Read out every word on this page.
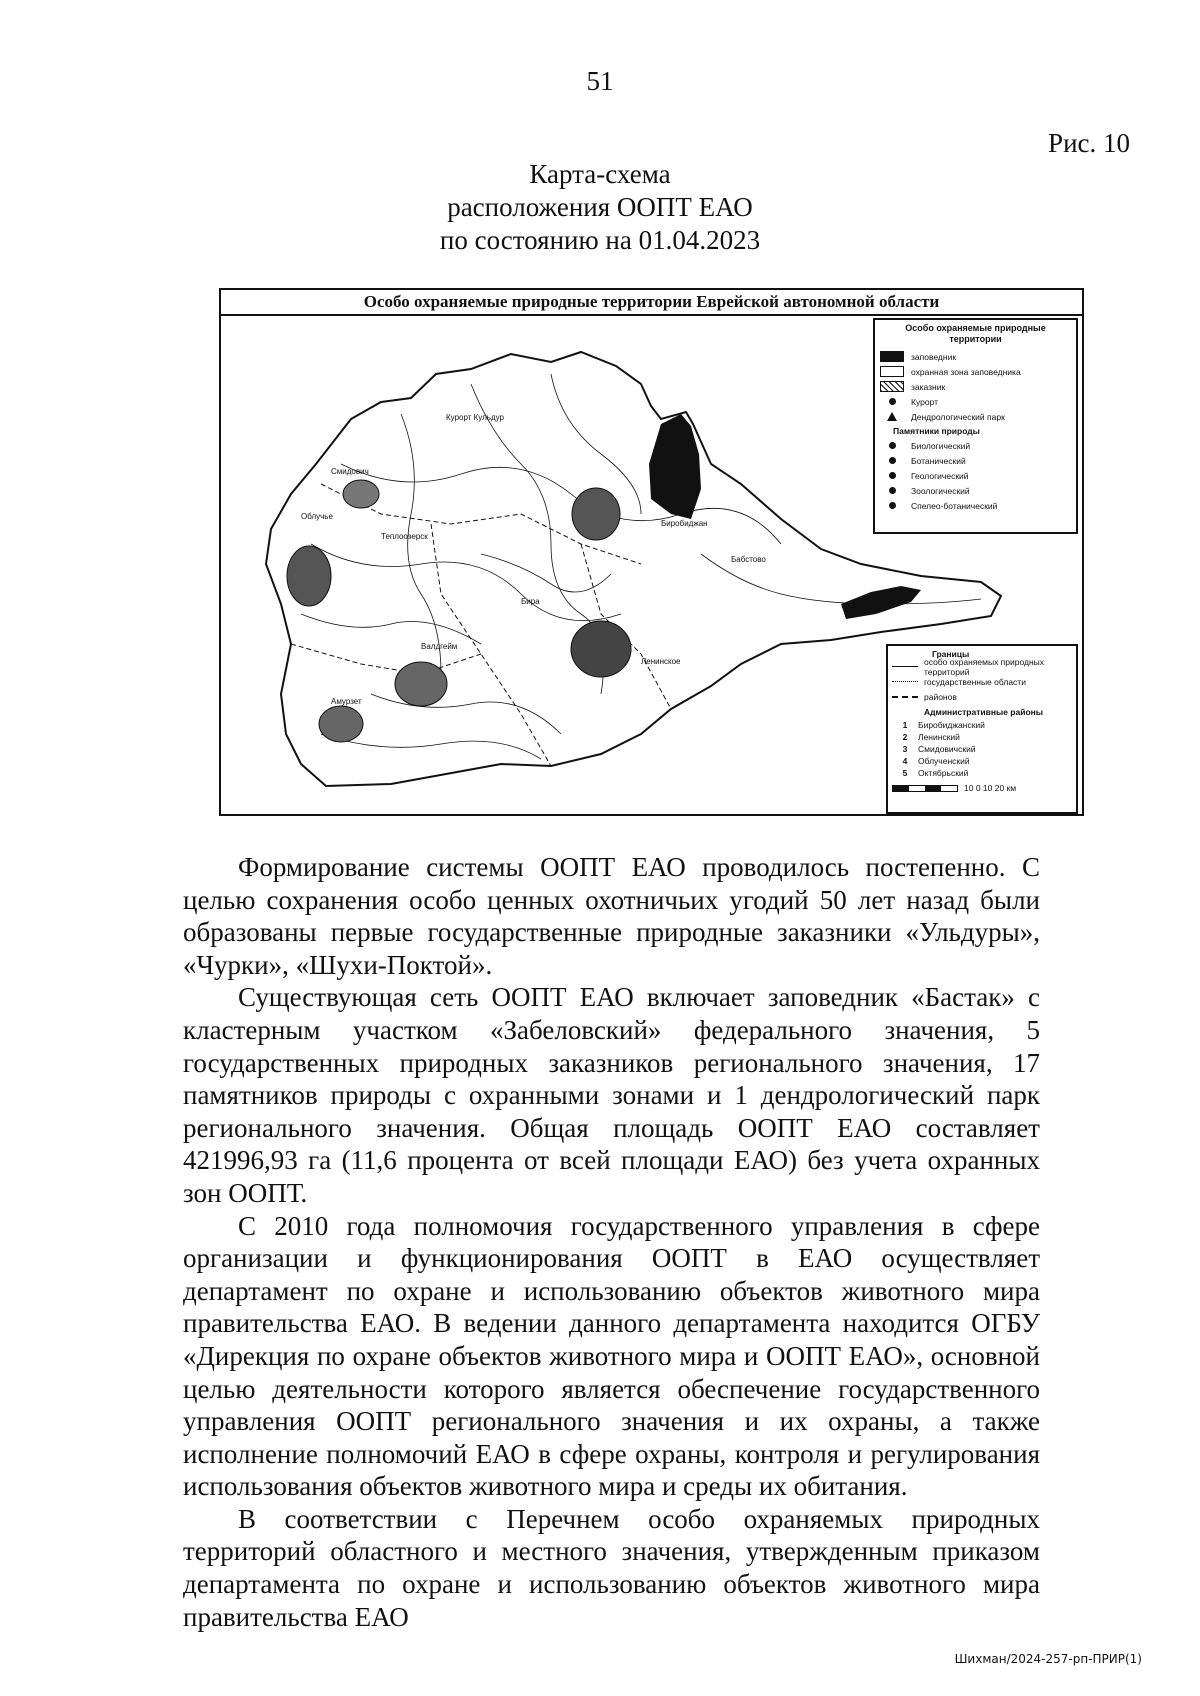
51
Рис. 10
Карта-схема
расположения ООПТ ЕАО
по состоянию на 01.04.2023
Особо охраняемые природные территории Еврейской автономной области
Курорт Кульдур
Смидович
Биробиджан
Ленинское
Амурзет
Бира
Облучье
Теплоозерск
Бабстово
Валдгейм
Особо охраняемые природные территории
заповедник
охранная зона заповедника
заказник
Курорт
Дендрологический парк
Памятники природы
Биологический
Ботанический
Геологический
Зоологический
Спелео-ботанический
Границы
особо охраняемых природных территорий
государственные области
районов
Административные районы
1	Биробиджанский
2	Ленинский
3	Смидовичский
4	Облученский
5	Октябрьский
10 0 10 20 км

Формирование системы ООПТ ЕАО проводилось постепенно. С целью сохранения особо ценных охотничьих угодий 50 лет назад были образованы первые государственные природные заказники «Ульдуры», «Чурки», «Шухи-Поктой».

Существующая сеть ООПТ ЕАО включает заповедник «Бастак» с кластерным участком «Забеловский» федерального значения, 5 государственных природных заказников регионального значения, 17 памятников природы с охранными зонами и 1 дендрологический парк регионального значения. Общая площадь ООПТ ЕАО составляет 421996,93 га (11,6 процента от всей площади ЕАО) без учета охранных зон ООПТ.

С 2010 года полномочия государственного управления в сфере организации и функционирования ООПТ в ЕАО осуществляет департамент по охране и использованию объектов животного мира правительства ЕАО. В ведении данного департамента находится ОГБУ «Дирекция по охране объектов животного мира и ООПТ ЕАО», основной целью деятельности которого является обеспечение государственного управления ООПТ регионального значения и их охраны, а также исполнение полномочий ЕАО в сфере охраны, контроля и регулирования использования объектов животного мира и среды их обитания.

В соответствии с Перечнем особо охраняемых природных территорий областного и местного значения, утвержденным приказом департамента по охране и использованию объектов животного мира правительства ЕАО

Шихман/2024-257-рп-ПРИР(1)
